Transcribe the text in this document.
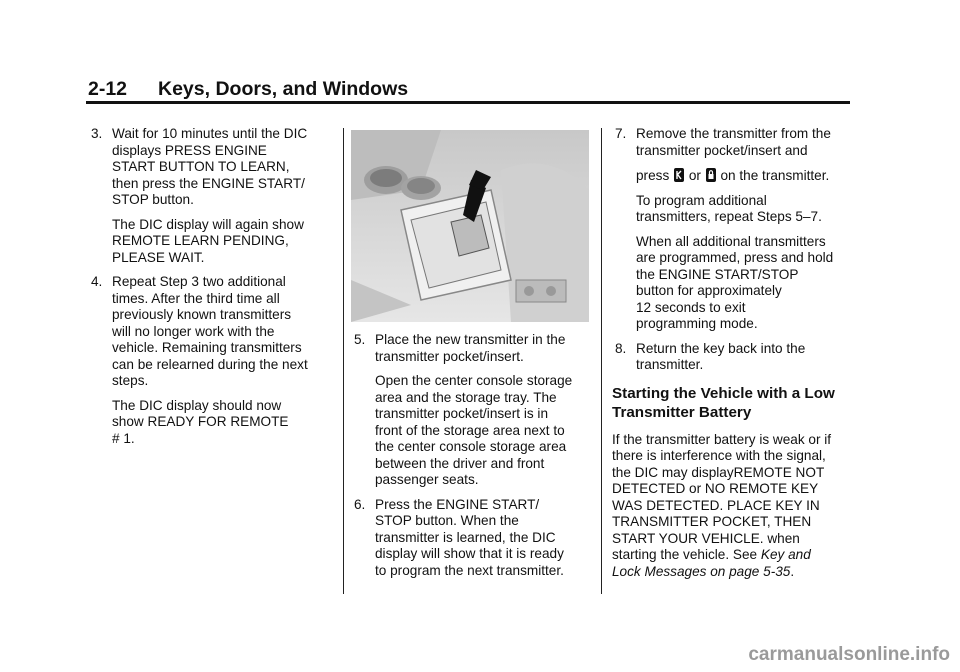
2-12 Keys, Doors, and Windows
3. Wait for 10 minutes until the DIC
displays PRESS ENGINE
START BUTTON TO LEARN,
then press the ENGINE START/
STOP button.

The DIC display will again show
REMOTE LEARN PENDING,
PLEASE WAIT.

4. Repeat Step 3 two additional
times. After the third time all
previously known transmitters
will no longer work with the
vehicle. Remaining transmitters
can be relearned during the next
steps.

The DIC display should now
show READY FOR REMOTE
# 1.

5. Place the new transmitter in the
transmitter pocket/insert.

Open the center console storage
area and the storage tray. The
transmitter pocket/insert is in
front of the storage area next to
the center console storage area
between the driver and front
passenger seats.

6. Press the ENGINE START/
STOP button. When the
transmitter is learned, the DIC
display will show that it is ready
to program the next transmitter.

7. Remove the transmitter from the
transmitter pocket/insert and

press or on the transmitter.

To program additional
transmitters, repeat Steps 5–7.

When all additional transmitters
are programmed, press and hold
the ENGINE START/STOP
button for approximately
12 seconds to exit
programming mode.

8. Return the key back into the
transmitter.

Starting the Vehicle with a Low
Transmitter Battery

If the transmitter battery is weak or if
there is interference with the signal,
the DIC may displayREMOTE NOT
DETECTED or NO REMOTE KEY
WAS DETECTED. PLACE KEY IN
TRANSMITTER POCKET, THEN
START YOUR VEHICLE. when
starting the vehicle. See Key and
Lock Messages on page 5-35.

carmanualsonline.info
